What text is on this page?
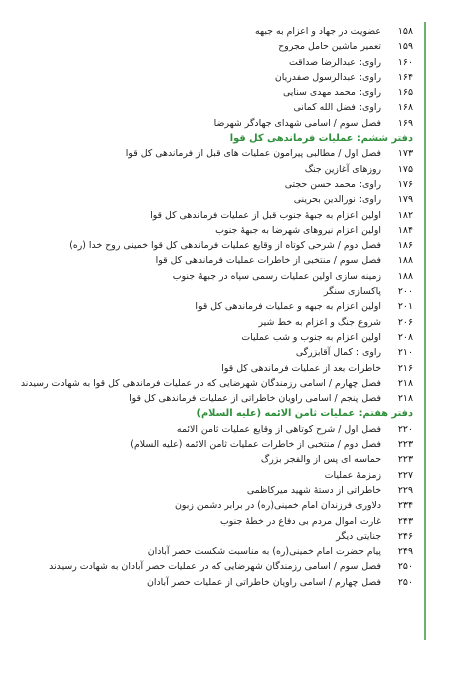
۱۵۸  عضویت در جهاد و اعزام به جبهه
۱۵۹  تعمیر ماشین حامل مجروح
۱۶۰  راوی: عبدالرضا صداقت
۱۶۴  راوی: عبدالرسول صفدریان
۱۶۵  راوی: محمد مهدی سنایی
۱۶۸  راوی: فضل الله کمانی
۱۶۹  فصل سوم / اسامی شهدای جهادگر شهرضا
دفتر ششم: عملیات فرماندهی کل قوا
۱۷۳  فصل اول / مطالبی پیرامون عملیات های قبل از فرماندهی کل قوا
۱۷۵  روزهای آغازین جنگ
۱۷۶  راوی: محمد حسن حجتی
۱۷۹  راوی: نورالدین بحرینی
۱۸۲  اولین اعزام به جبهۀ جنوب قبل از عملیات فرماندهی کل قوا
۱۸۴  اولین اعزام نیروهای شهرضا به جبهۀ جنوب
۱۸۶  فصل دوم / شرحی کوتاه از وقایع عملیات فرماندهی کل قوا خمینی روح خدا (ره)
۱۸۸  فصل سوم / منتخبی از خاطرات عملیات فرماندهی کل قوا
۱۸۸  زمینه سازی اولین عملیات رسمی سپاه در جبهۀ جنوب
۲۰۰  پاکسازی سنگر
۲۰۱  اولین اعزام به جبهه و عملیات فرماندهی کل قوا
۲۰۶  شروع جنگ و اعزام به خط شیر
۲۰۸  اولین اعزام به جنوب و شب عملیات
۲۱۰  راوی : کمال آقابزرگی
۲۱۶  خاطرات بعد از عملیات فرماندهی کل قوا
۲۱۸  فصل چهارم / اسامی رزمندگان شهرضایی که در عملیات فرماندهی کل قوا به شهادت رسیدند
۲۱۸  فصل پنجم / اسامی راویان خاطراتی از عملیات فرماندهی کل قوا
دفتر هفتم: عملیات ثامن الائمه (علیه السلام)
۲۲۰  فصل اول / شرح کوتاهی از وقایع عملیات ثامن الائمه
۲۲۳  فصل دوم / منتخبی از خاطرات عملیات ثامن الائمه (علیه السلام)
۲۲۳  حماسه ای پس از والفجر بزرگ
۲۲۷  زمزمۀ عملیات
۲۲۹  خاطراتی از دستۀ شهید میرکاظمی
۲۳۴  دلاوری فرزندان امام خمینی(ره) در برابر دشمن زبون
۲۴۳  غارت اموال مردم بی دفاع در خطۀ جنوب
۲۴۶  جنایتی دیگر
۲۴۹  پیام حضرت امام خمینی(ره) به مناسبت شکست حصر آبادان
۲۵۰  فصل سوم / اسامی رزمندگان شهرضایی که در عملیات حصر آبادان به شهادت رسیدند
۲۵۰  فصل چهارم / اسامی راویان خاطراتی از عملیات حصر آبادان
